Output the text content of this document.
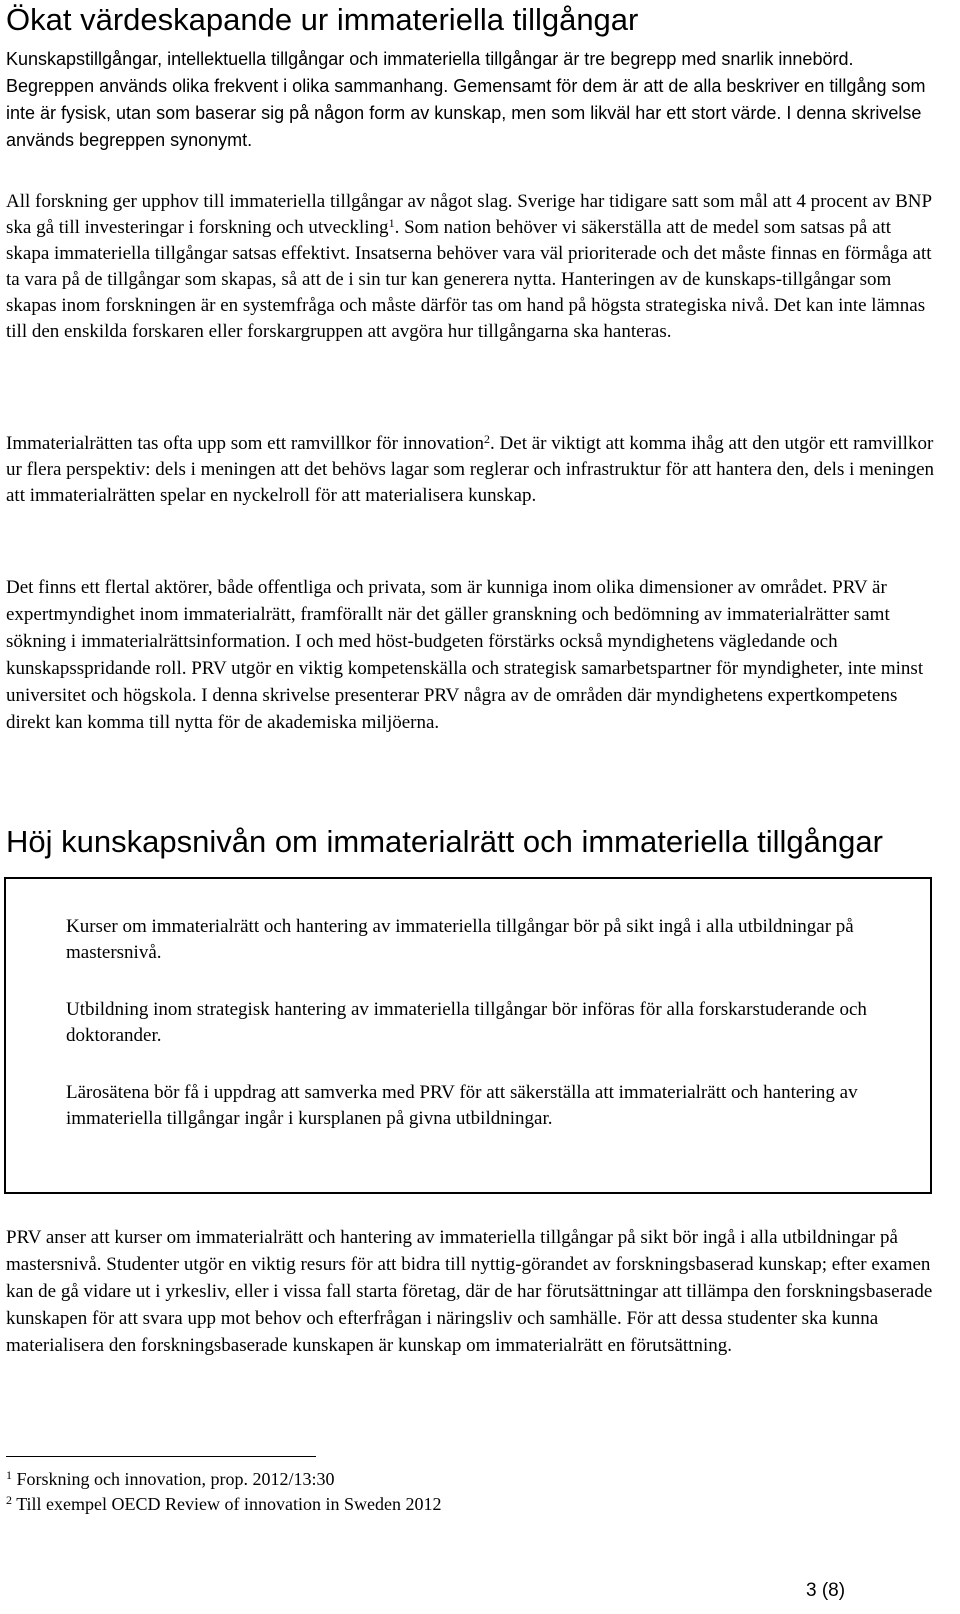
Ökat värdeskapande ur immateriella tillgångar

Kunskapstillgångar, intellektuella tillgångar och immateriella tillgångar är tre begrepp med snarlik innebörd. Begreppen används olika frekvent i olika sammanhang. Gemensamt för dem är att de alla beskriver en tillgång som inte är fysisk, utan som baserar sig på någon form av kunskap, men som likväl har ett stort värde. I denna skrivelse används begreppen synonymt.

All forskning ger upphov till immateriella tillgångar av något slag. Sverige har tidigare satt som mål att 4 procent av BNP ska gå till investeringar i forskning och utveckling$^1$. Som nation behöver vi säkerställa att de medel som satsas på att skapa immateriella tillgångar satsas effektivt. Insatserna behöver vara väl prioriterade och det måste finnas en förmåga att ta vara på de tillgångar som skapas, så att de i sin tur kan generera nytta. Hanteringen av de kunskaps-tillgångar som skapas inom forskningen är en systemfråga och måste därför tas om hand på högsta strategiska nivå. Det kan inte lämnas till den enskilda forskaren eller forskargruppen att avgöra hur tillgångarna ska hanteras.

Immaterialrätten tas ofta upp som ett ramvillkor för innovation$^2$. Det är viktigt att komma ihåg att den utgör ett ramvillkor ur flera perspektiv: dels i meningen att det behövs lagar som reglerar och infrastruktur för att hantera den, dels i meningen att immaterialrätten spelar en nyckelroll för att materialisera kunskap.

Det finns ett flertal aktörer, både offentliga och privata, som är kunniga inom olika dimensioner av området. PRV är expertmyndighet inom immaterialrätt, framförallt när det gäller granskning och bedömning av immaterialrätter samt sökning i immaterialrättsinformation. I och med höst-budgeten förstärks också myndighetens vägledande och kunskapsspridande roll. PRV utgör en viktig kompetenskälla och strategisk samarbetspartner för myndigheter, inte minst universitet och högskola. I denna skrivelse presenterar PRV några av de områden där myndighetens expertkompetens direkt kan komma till nytta för de akademiska miljöerna.

Höj kunskapsnivån om immaterialrätt och immateriella tillgångar

Kurser om immaterialrätt och hantering av immateriella tillgångar bör på sikt ingå i alla utbildningar på mastersnivå.

Utbildning inom strategisk hantering av immateriella tillgångar bör införas för alla forskarstuderande och doktorander.

Lärosätena bör få i uppdrag att samverka med PRV för att säkerställa att immaterialrätt och hantering av immateriella tillgångar ingår i kursplanen på givna utbildningar.

PRV anser att kurser om immaterialrätt och hantering av immateriella tillgångar på sikt bör ingå i alla utbildningar på mastersnivå. Studenter utgör en viktig resurs för att bidra till nyttig-görandet av forskningsbaserad kunskap; efter examen kan de gå vidare ut i yrkesliv, eller i vissa fall starta företag, där de har förutsättningar att tillämpa den forskningsbaserade kunskapen för att svara upp mot behov och efterfrågan i näringsliv och samhälle. För att dessa studenter ska kunna materialisera den forskningsbaserade kunskapen är kunskap om immaterialrätt en förutsättning.

$^1$ Forskning och innovation, prop. 2012/13:30

$^2$ Till exempel OECD Review of innovation in Sweden 2012

3 (8)
